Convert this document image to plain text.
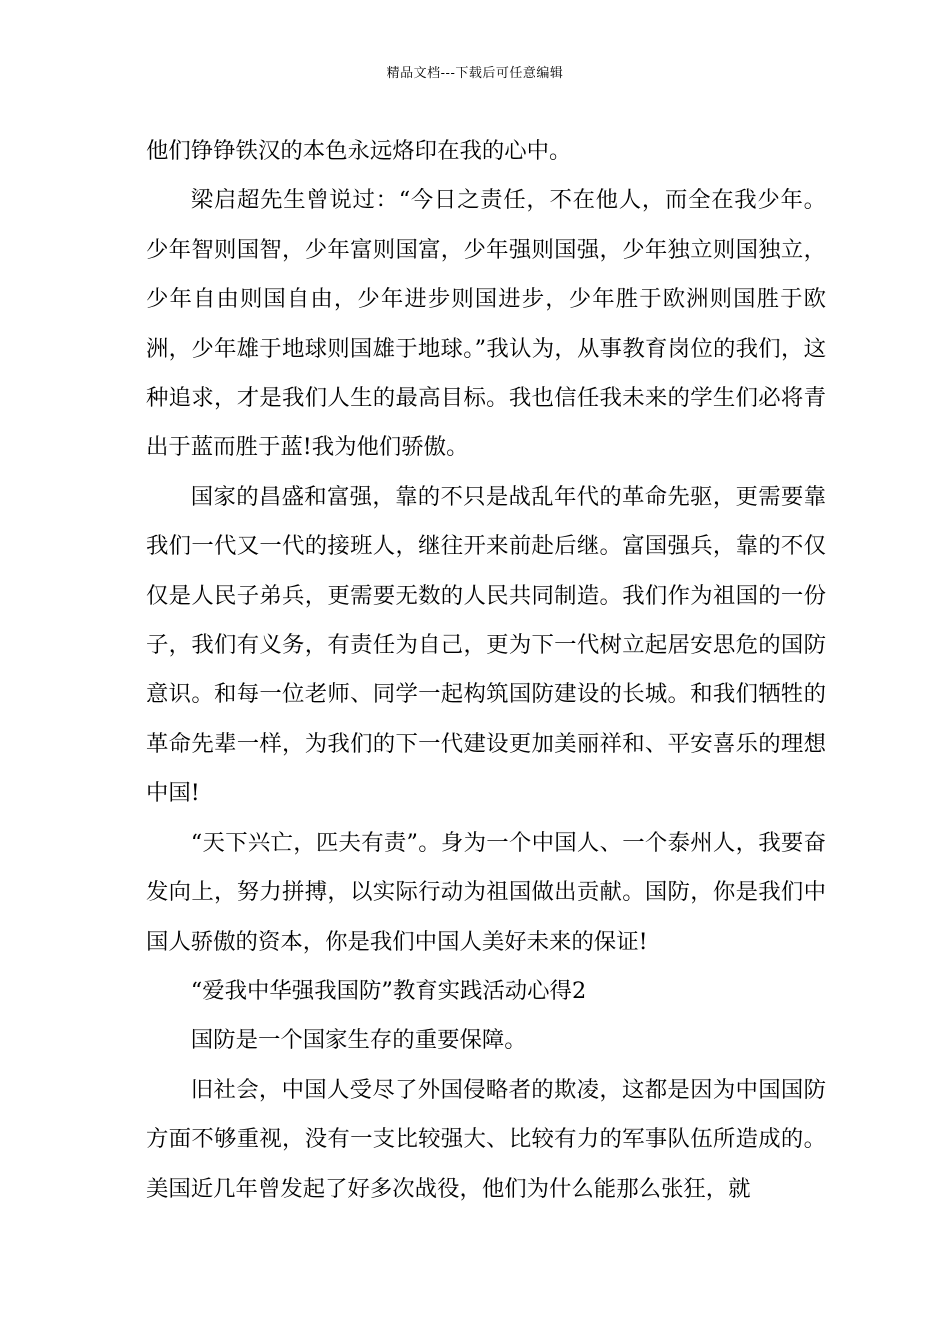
精品文档---下载后可任意编辑

他们铮铮铁汉的本色永远烙印在我的心中。

梁启超先生曾说过：“今日之责任，不在他人，而全在我少年。少年智则国智，少年富则国富，少年强则国强，少年独立则国独立，少年自由则国自由，少年进步则国进步，少年胜于欧洲则国胜于欧洲，少年雄于地球则国雄于地球。”我认为，从事教育岗位的我们，这种追求，才是我们人生的最高目标。我也信任我未来的学生们必将青出于蓝而胜于蓝!我为他们骄傲。

国家的昌盛和富强，靠的不只是战乱年代的革命先驱，更需要靠我们一代又一代的接班人，继往开来前赴后继。富国强兵，靠的不仅仅是人民子弟兵，更需要无数的人民共同制造。我们作为祖国的一份子，我们有义务，有责任为自己，更为下一代树立起居安思危的国防意识。和每一位老师、同学一起构筑国防建设的长城。和我们牺牲的革命先辈一样，为我们的下一代建设更加美丽祥和、平安喜乐的理想中国!

“天下兴亡，匹夫有责”。身为一个中国人、一个泰州人，我要奋发向上，努力拼搏，以实际行动为祖国做出贡献。国防，你是我们中国人骄傲的资本，你是我们中国人美好未来的保证!

“爱我中华强我国防”教育实践活动心得2

国防是一个国家生存的重要保障。

旧社会，中国人受尽了外国侵略者的欺凌，这都是因为中国国防方面不够重视，没有一支比较强大、比较有力的军事队伍所造成的。美国近几年曾发起了好多次战役，他们为什么能那么张狂，就
